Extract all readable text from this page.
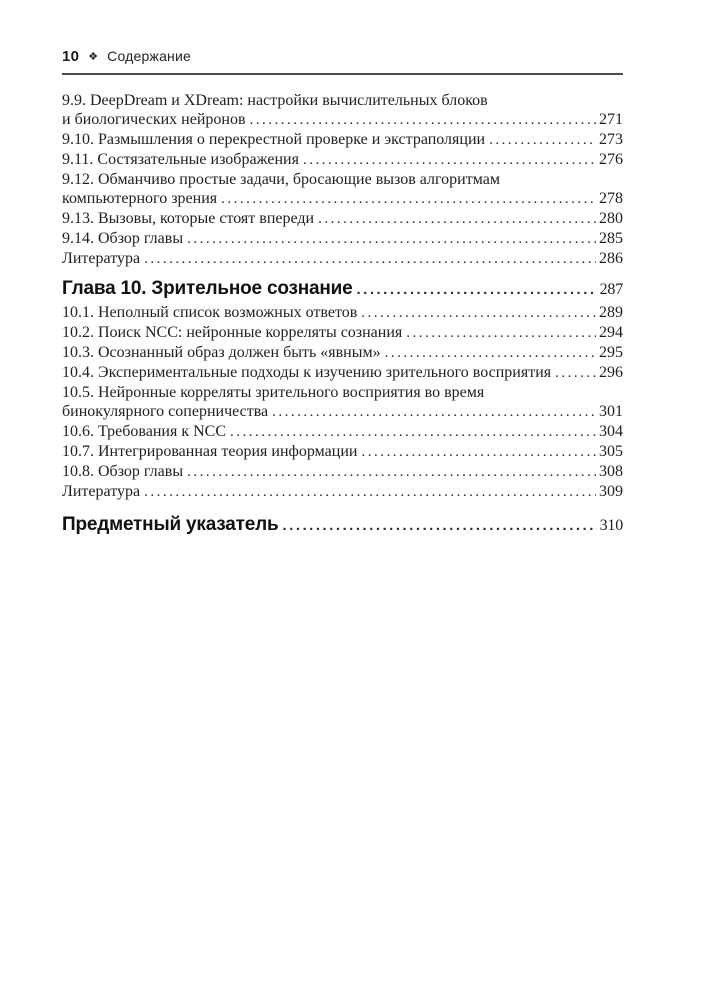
10 ❖ Содержание
9.9. DeepDream и XDream: настройки вычислительных блоков
и биологических нейронов .....	271
9.10. Размышления о перекрестной проверке и экстраполяции .....	273
9.11. Состязательные изображения .....	276
9.12. Обманчиво простые задачи, бросающие вызов алгоритмам
компьютерного зрения .....	278
9.13. Вызовы, которые стоят впереди .....	280
9.14. Обзор главы .....	285
Литература .....	286
Глава 10. Зрительное сознание .....	287
10.1. Неполный список возможных ответов .....	289
10.2. Поиск NCC: нейронные корреляты сознания .....	294
10.3. Осознанный образ должен быть «явным» .....	295
10.4. Экспериментальные подходы к изучению зрительного восприятия .....	296
10.5. Нейронные корреляты зрительного восприятия во время
бинокулярного соперничества .....	301
10.6. Требования к NCC .....	304
10.7. Интегрированная теория информации .....	305
10.8. Обзор главы .....	308
Литература .....	309
Предметный указатель .....	310
